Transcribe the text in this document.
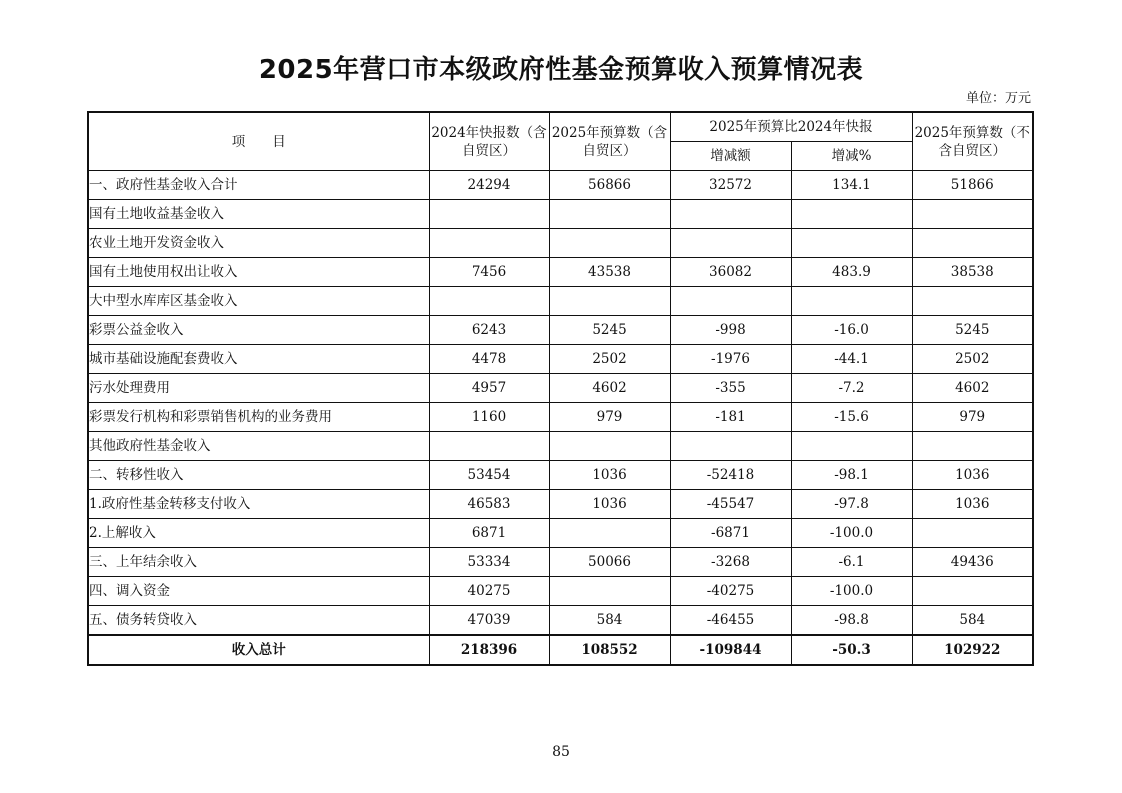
2025年营口市本级政府性基金预算收入预算情况表
单位：万元
项　　目	2024年快报数（含自贸区）	2025年预算数（含自贸区）	2025年预算比2024年快报		2025年预算数（不含自贸区）
			增减额	增减%	
一、政府性基金收入合计	24294	56866	32572	134.1	51866
国有土地收益基金收入					
农业土地开发资金收入					
国有土地使用权出让收入	7456	43538	36082	483.9	38538
大中型水库库区基金收入					
彩票公益金收入	6243	5245	-998	-16.0	5245
城市基础设施配套费收入	4478	2502	-1976	-44.1	2502
污水处理费用	4957	4602	-355	-7.2	4602
彩票发行机构和彩票销售机构的业务费用	1160	979	-181	-15.6	979
其他政府性基金收入					
二、转移性收入	53454	1036	-52418	-98.1	1036
1.政府性基金转移支付收入	46583	1036	-45547	-97.8	1036
2.上解收入	6871		-6871	-100.0	
三、上年结余收入	53334	50066	-3268	-6.1	49436
四、调入资金	40275		-40275	-100.0	
五、债务转贷收入	47039	584	-46455	-98.8	584
收入总计	218396	108552	-109844	-50.3	102922
85
